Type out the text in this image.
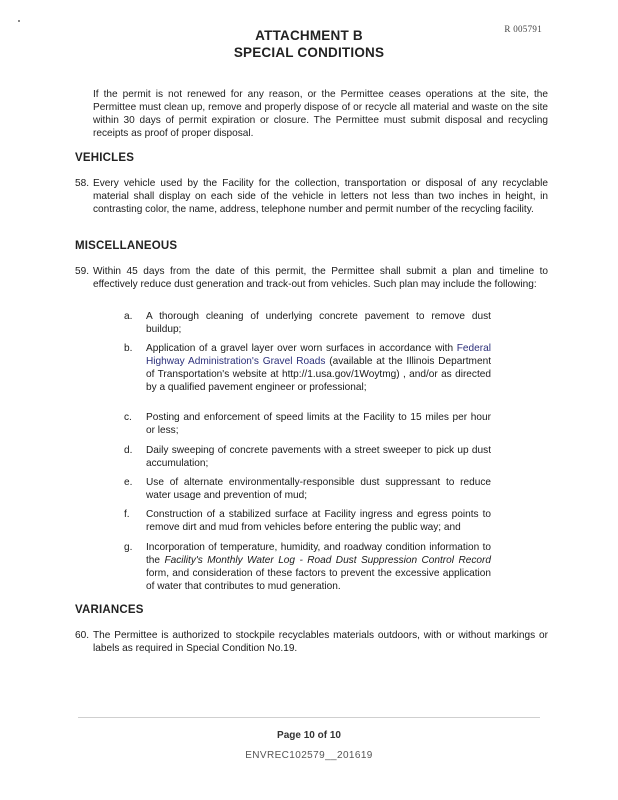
R 005791
ATTACHMENT B
SPECIAL CONDITIONS
If the permit is not renewed for any reason, or the Permittee ceases operations at the site, the Permittee must clean up, remove and properly dispose of or recycle all material and waste on the site within 30 days of permit expiration or closure. The Permittee must submit disposal and recycling receipts as proof of proper disposal.
VEHICLES
58. Every vehicle used by the Facility for the collection, transportation or disposal of any recyclable material shall display on each side of the vehicle in letters not less than two inches in height, in contrasting color, the name, address, telephone number and permit number of the recycling facility.
MISCELLANEOUS
59. Within 45 days from the date of this permit, the Permittee shall submit a plan and timeline to effectively reduce dust generation and track-out from vehicles. Such plan may include the following:
a.	A thorough cleaning of underlying concrete pavement to remove dust buildup;
b.	Application of a gravel layer over worn surfaces in accordance with Federal Highway Administration's Gravel Roads (available at the Illinois Department of Transportation's website at http://1.usa.gov/1Woytmg) , and/or as directed by a qualified pavement engineer or professional;
c.	Posting and enforcement of speed limits at the Facility to 15 miles per hour or less;
d.	Daily sweeping of concrete pavements with a street sweeper to pick up dust accumulation;
e.	Use of alternate environmentally-responsible dust suppressant to reduce water usage and prevention of mud;
f.	Construction of a stabilized surface at Facility ingress and egress points to remove dirt and mud from vehicles before entering the public way; and
g.	Incorporation of temperature, humidity, and roadway condition information to the Facility's Monthly Water Log - Road Dust Suppression Control Record form, and consideration of these factors to prevent the excessive application of water that contributes to mud generation.
VARIANCES
60. The Permittee is authorized to stockpile recyclables materials outdoors, with or without markings or labels as required in Special Condition No.19.
Page 10 of 10
ENVREC102579__201619
